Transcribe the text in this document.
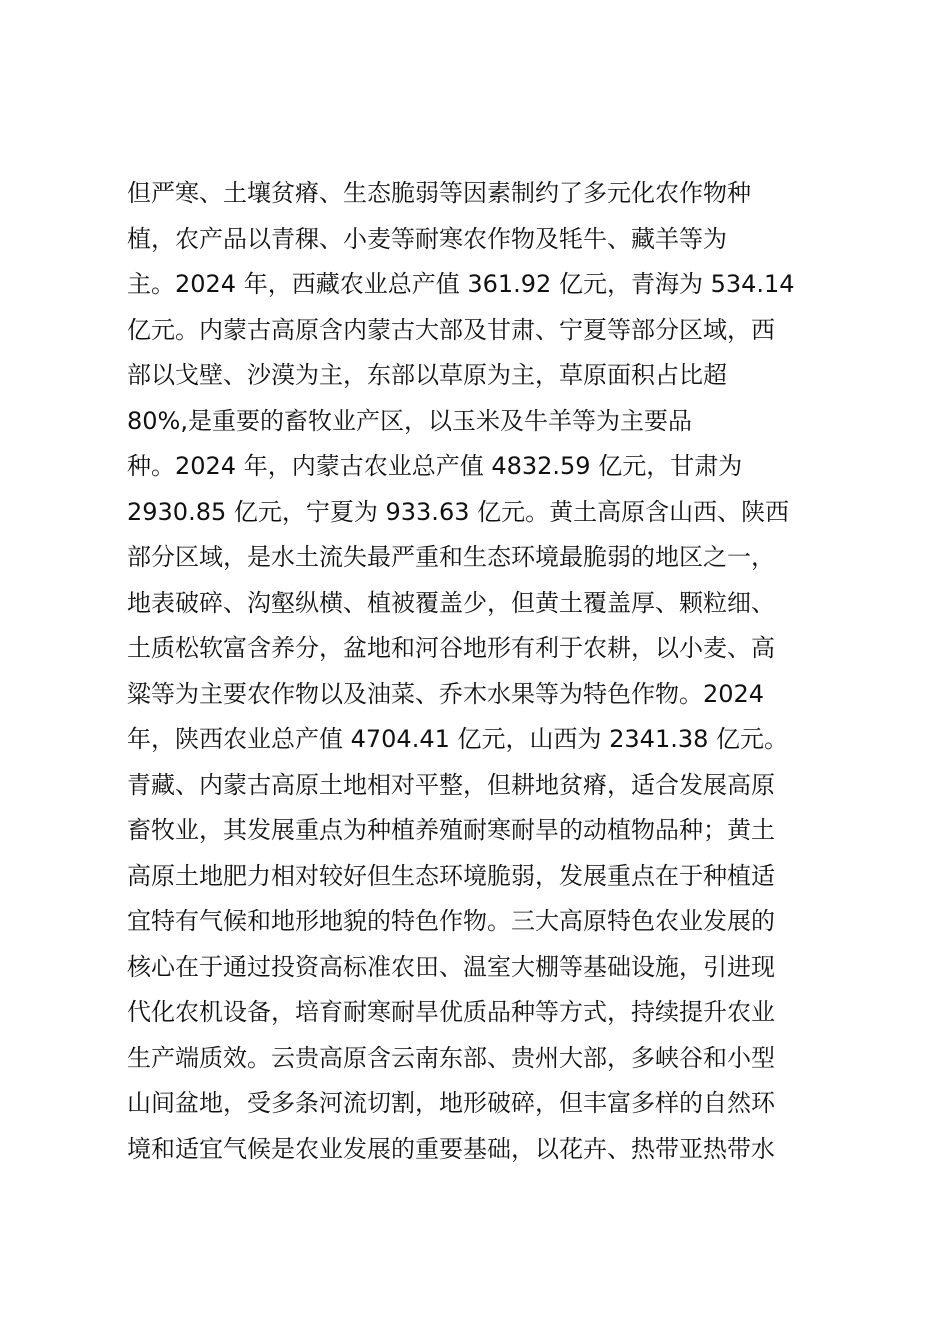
但严寒、土壤贫瘠、生态脆弱等因素制约了多元化农作物种
植，农产品以青稞、小麦等耐寒农作物及牦牛、藏羊等为
主。2024 年，西藏农业总产值 361.92 亿元，青海为 534.14
亿元。内蒙古高原含内蒙古大部及甘肃、宁夏等部分区域，西
部以戈壁、沙漠为主，东部以草原为主，草原面积占比超
80%,是重要的畜牧业产区，以玉米及牛羊等为主要品
种。2024 年，内蒙古农业总产值 4832.59 亿元，甘肃为
2930.85 亿元，宁夏为 933.63 亿元。黄土高原含山西、陕西
部分区域，是水土流失最严重和生态环境最脆弱的地区之一，
地表破碎、沟壑纵横、植被覆盖少，但黄土覆盖厚、颗粒细、
土质松软富含养分，盆地和河谷地形有利于农耕，以小麦、高
粱等为主要农作物以及油菜、乔木水果等为特色作物。2024
年，陕西农业总产值 4704.41 亿元，山西为 2341.38 亿元。
青藏、内蒙古高原土地相对平整，但耕地贫瘠，适合发展高原
畜牧业，其发展重点为种植养殖耐寒耐旱的动植物品种；黄土
高原土地肥力相对较好但生态环境脆弱，发展重点在于种植适
宜特有气候和地形地貌的特色作物。三大高原特色农业发展的
核心在于通过投资高标准农田、温室大棚等基础设施，引进现
代化农机设备，培育耐寒耐旱优质品种等方式，持续提升农业
生产端质效。云贵高原含云南东部、贵州大部，多峡谷和小型
山间盆地，受多条河流切割，地形破碎，但丰富多样的自然环
境和适宜气候是农业发展的重要基础，以花卉、热带亚热带水
